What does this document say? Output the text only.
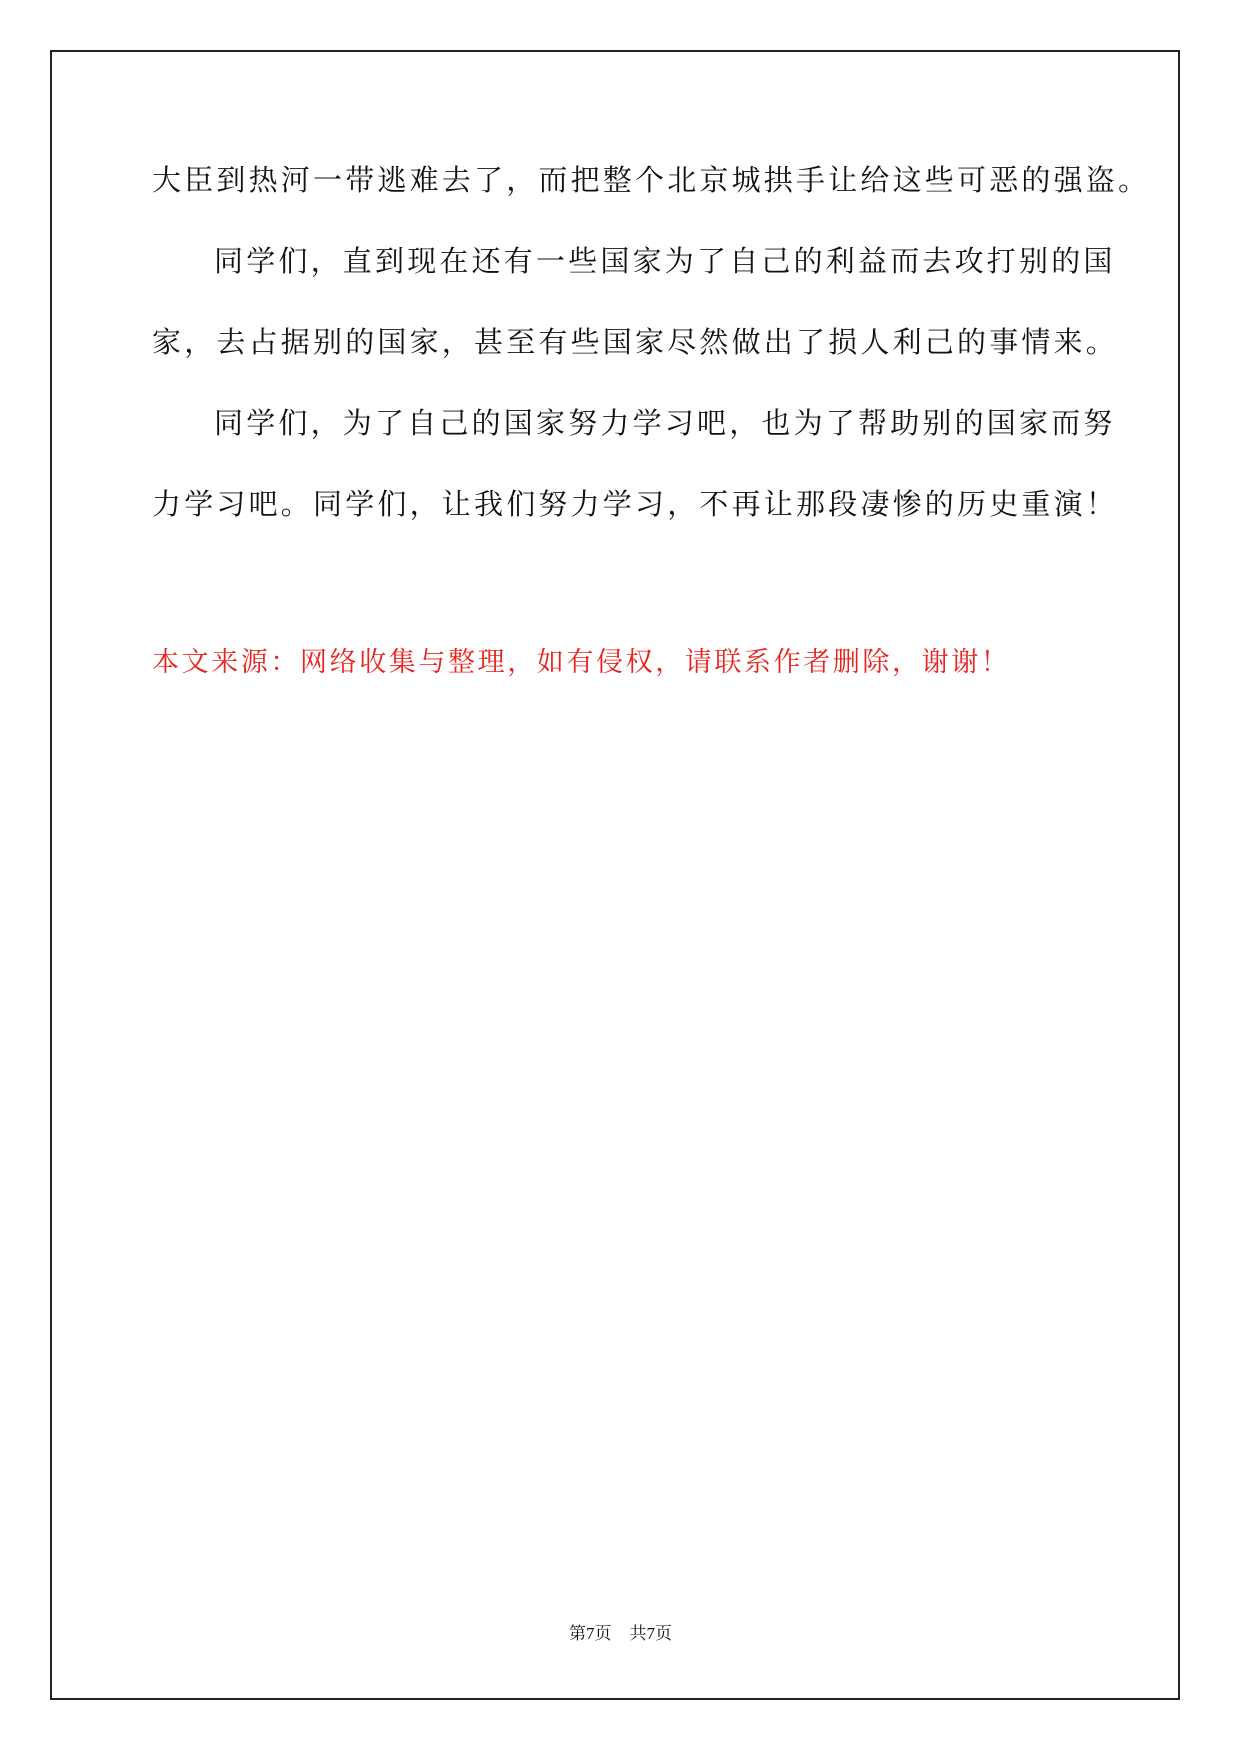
大臣到热河一带逃难去了，而把整个北京城拱手让给这些可恶的强盗。
同学们，直到现在还有一些国家为了自己的利益而去攻打别的国
家，去占据别的国家，甚至有些国家尽然做出了损人利己的事情来。
同学们，为了自己的国家努力学习吧，也为了帮助别的国家而努
力学习吧。同学们，让我们努力学习，不再让那段凄惨的历史重演！
本文来源：网络收集与整理，如有侵权，请联系作者删除，谢谢！
第7页 共7页
